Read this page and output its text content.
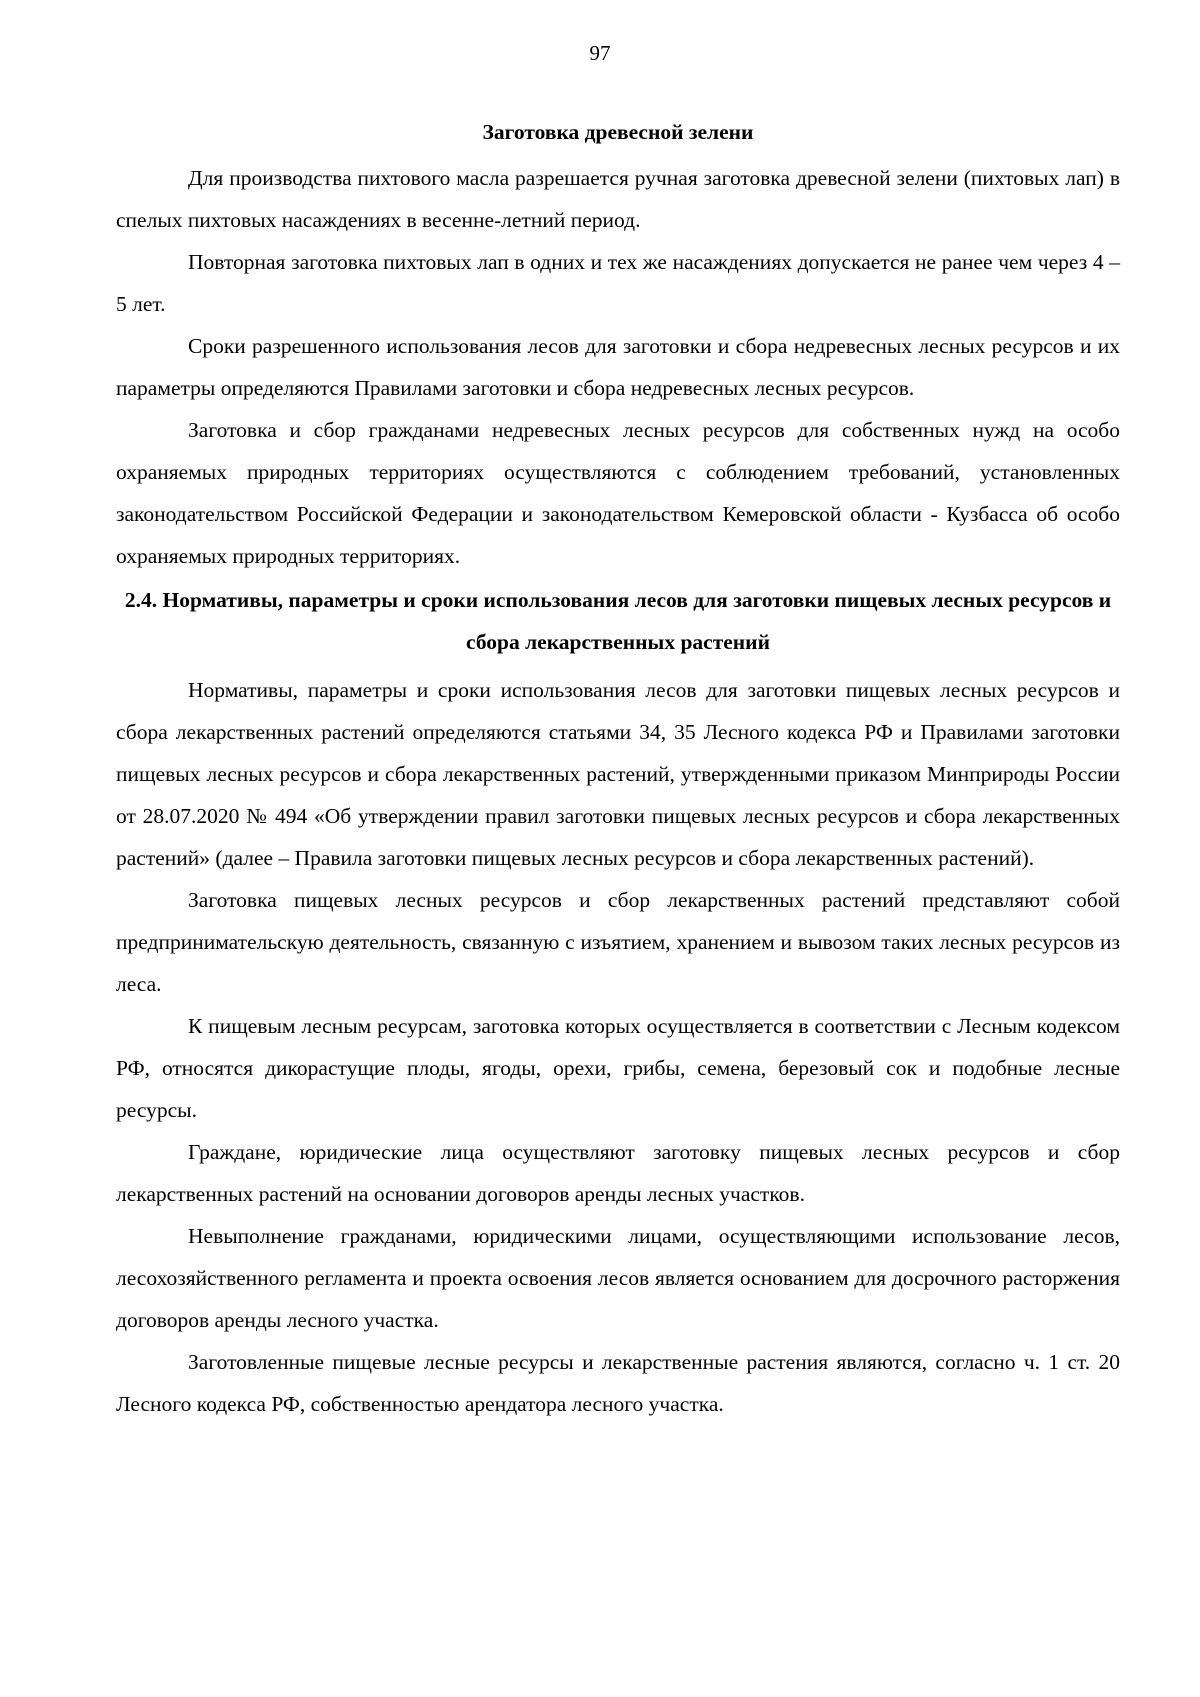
97

Заготовка древесной зелени

Для производства пихтового масла разрешается ручная заготовка древесной зелени (пихтовых лап) в спелых пихтовых насаждениях в весенне-летний период.

Повторная заготовка пихтовых лап в одних и тех же насаждениях допускается не ранее чем через 4 – 5 лет.

Сроки разрешенного использования лесов для заготовки и сбора недревесных лесных ресурсов и их параметры определяются Правилами заготовки и сбора недревесных лесных ресурсов.

Заготовка и сбор гражданами недревесных лесных ресурсов для собственных нужд на особо охраняемых природных территориях осуществляются с соблюдением требований, установленных законодательством Российской Федерации и законодательством Кемеровской области - Кузбасса об особо охраняемых природных территориях.

2.4. Нормативы, параметры и сроки использования лесов для заготовки пищевых лесных ресурсов и сбора лекарственных растений

Нормативы, параметры и сроки использования лесов для заготовки пищевых лесных ресурсов и сбора лекарственных растений определяются статьями 34, 35 Лесного кодекса РФ и Правилами заготовки пищевых лесных ресурсов и сбора лекарственных растений, утвержденными приказом Минприроды России от 28.07.2020 № 494 «Об утверждении правил заготовки пищевых лесных ресурсов и сбора лекарственных растений» (далее – Правила заготовки пищевых лесных ресурсов и сбора лекарственных растений).

Заготовка пищевых лесных ресурсов и сбор лекарственных растений представляют собой предпринимательскую деятельность, связанную с изъятием, хранением и вывозом таких лесных ресурсов из леса.

К пищевым лесным ресурсам, заготовка которых осуществляется в соответствии с Лесным кодексом РФ, относятся дикорастущие плоды, ягоды, орехи, грибы, семена, березовый сок и подобные лесные ресурсы.

Граждане, юридические лица осуществляют заготовку пищевых лесных ресурсов и сбор лекарственных растений на основании договоров аренды лесных участков.

Невыполнение гражданами, юридическими лицами, осуществляющими использование лесов, лесохозяйственного регламента и проекта освоения лесов является основанием для досрочного расторжения договоров аренды лесного участка.

Заготовленные пищевые лесные ресурсы и лекарственные растения являются, согласно ч. 1 ст. 20 Лесного кодекса РФ, собственностью арендатора лесного участка.
